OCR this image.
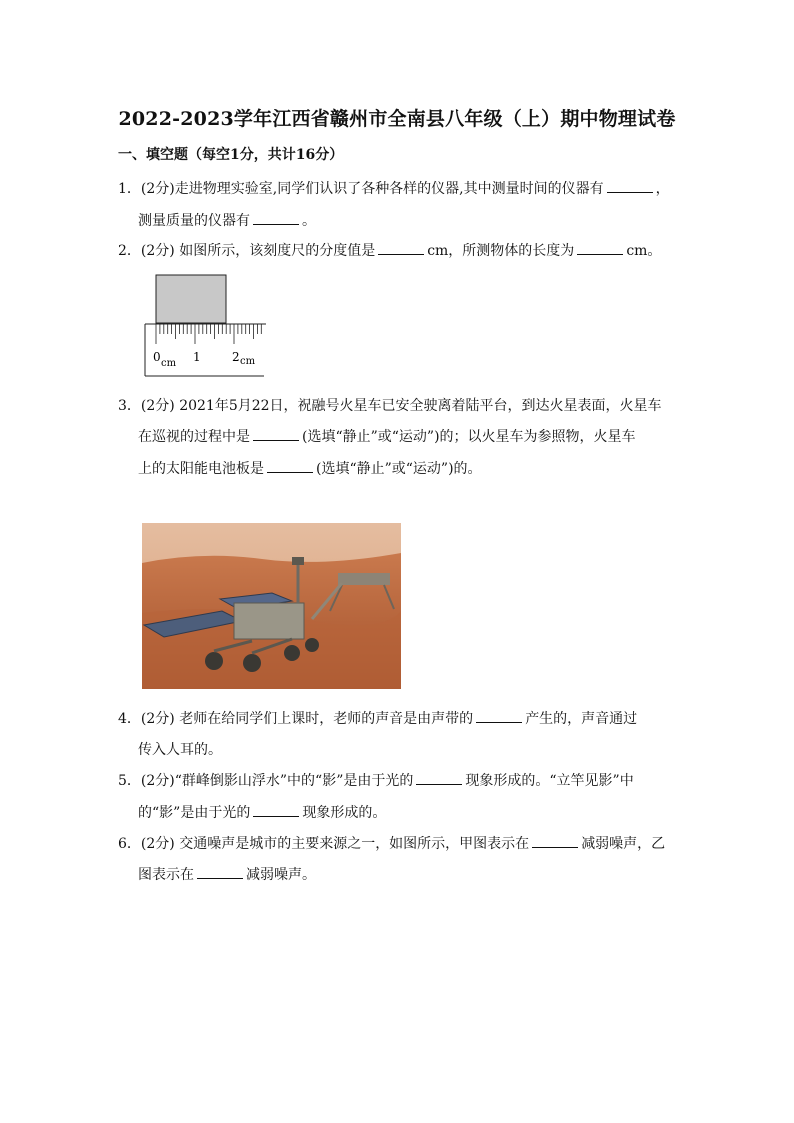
2022-2023学年江西省赣州市全南县八年级（上）期中物理试卷
一、填空题（每空1分，共计16分）
1．(2分)走进物理实验室,同学们认识了各种各样的仪器,其中测量时间的仪器有	，
测量质量的仪器有	。
2．(2分) 如图所示，该刻度尺的分度值是	cm，所测物体的长度为	cm。
0 cm 1	2 cm
3．(2分) 2021年5月22日，祝融号火星车已安全驶离着陆平台，到达火星表面，火星车
在巡视的过程中是	(选填“静止”或“运动”)的；以火星车为参照物，火星车
上的太阳能电池板是	(选填“静止”或“运动”)的。
4．(2分) 老师在给同学们上课时，老师的声音是由声带的	产生的，声音通过
传入人耳的。
5．(2分)“群峰倒影山浮水”中的“影”是由于光的	现象形成的。“立竿见影”中
的“影”是由于光的	现象形成的。
6．(2分) 交通噪声是城市的主要来源之一，如图所示，甲图表示在	减弱噪声，乙
图表示在	减弱噪声。
